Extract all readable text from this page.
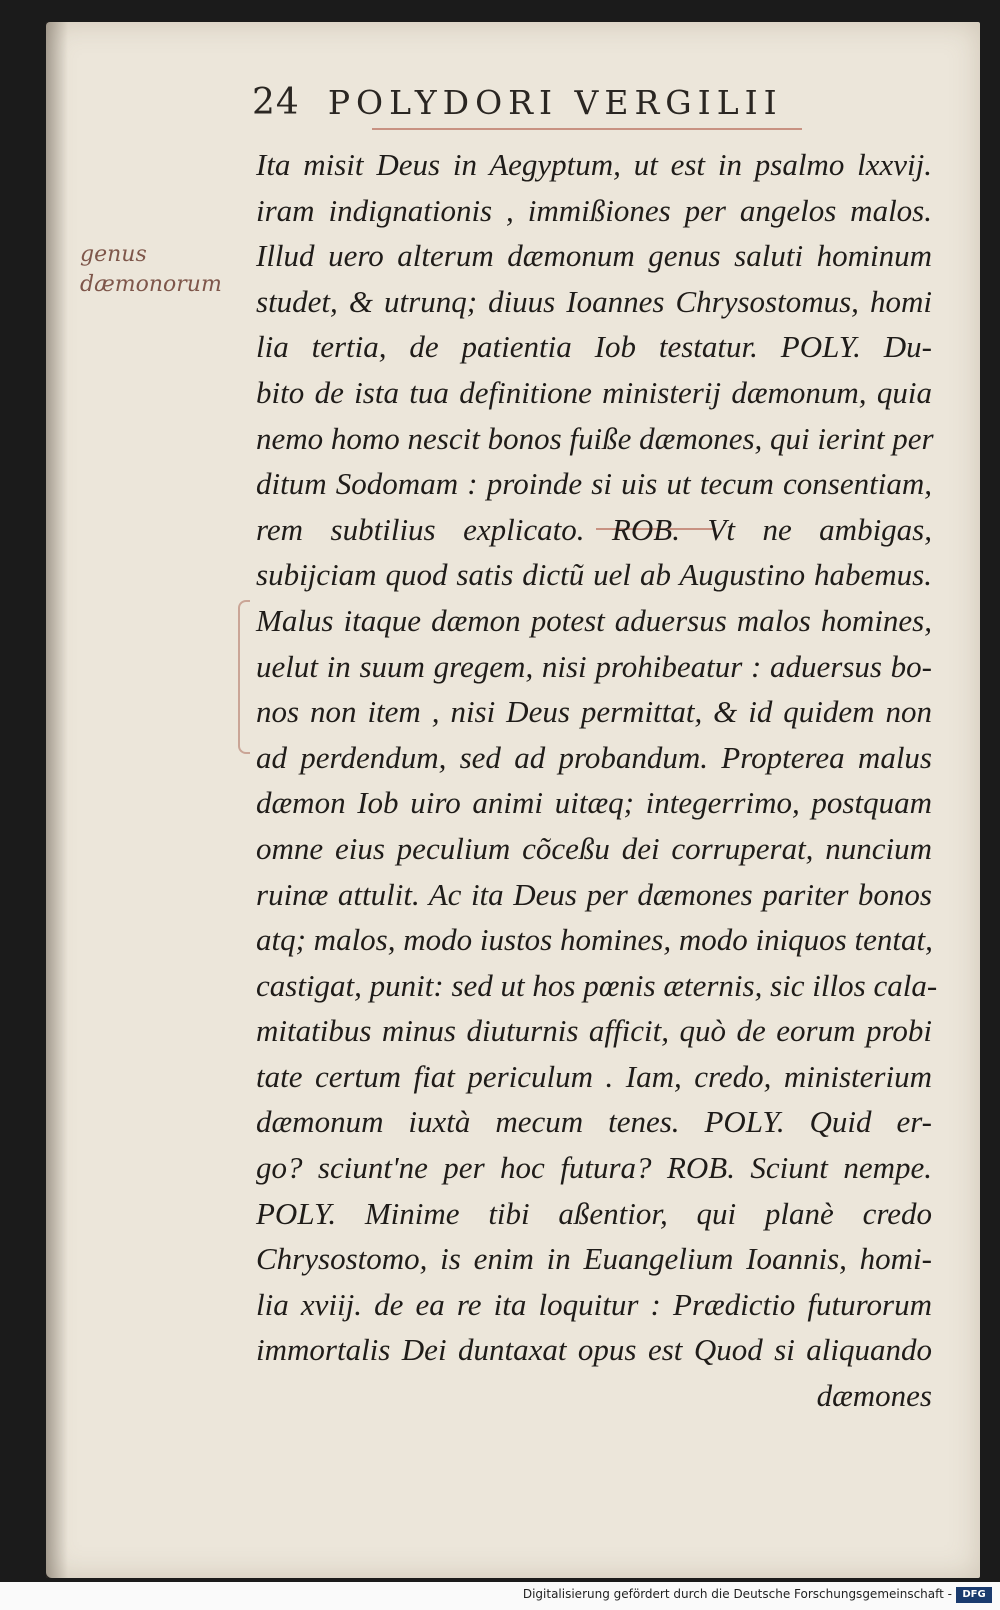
24 POLYDORI VERGILII
genus dæmonorum
Ita misit Deus in Aegyptum, ut est in psalmo lxxvij.
iram indignationis , immißiones per angelos malos.
Illud uero alterum dæmonum genus saluti hominum
studet, & utrunq; diuus Ioannes Chrysostomus, homi
lia tertia, de patientia Iob testatur. POLY. Du-
bito de ista tua definitione ministerij dæmonum, quia
nemo homo nescit bonos fuiße dæmones, qui ierint per
ditum Sodomam : proinde si uis ut tecum consentiam,
rem subtilius explicato. ROB. Vt ne ambigas,
subijciam quod satis dictũ uel ab Augustino habemus.
Malus itaque dæmon potest aduersus malos homines,
uelut in suum gregem, nisi prohibeatur : aduersus bo-
nos non item , nisi Deus permittat, & id quidem non
ad perdendum, sed ad probandum. Propterea malus
dæmon Iob uiro animi uitæq; integerrimo, postquam
omne eius peculium cõceßu dei corruperat, nuncium
ruinæ attulit. Ac ita Deus per dæmones pariter bonos
atq; malos, modo iustos homines, modo iniquos tentat,
castigat, punit: sed ut hos pœnis æternis, sic illos cala-
mitatibus minus diuturnis afficit, quò de eorum probi
tate certum fiat periculum . Iam, credo, ministerium
dæmonum iuxtà mecum tenes. POLY. Quid er-
go? sciunt'ne per hoc futura? ROB. Sciunt nempe.
POLY. Minime tibi aßentior, qui planè credo
Chrysostomo, is enim in Euangelium Ioannis, homi-
lia xviij. de ea re ita loquitur : Prædictio futurorum
immortalis Dei duntaxat opus est Quod si aliquando
dæmones
Digitalisierung gefördert durch die Deutsche Forschungsgemeinschaft -	DFG
